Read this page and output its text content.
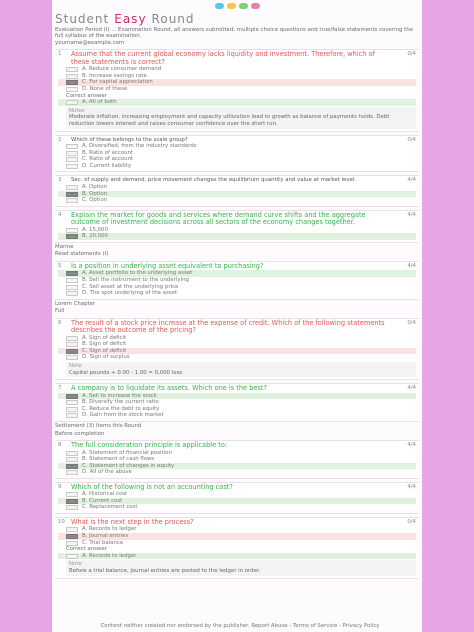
Student Easy Round
Evaluation Period (I) ... Examination Round, all answers submitted; multiple choice questions and true/false statements covering the full syllabus of the examination.
yourname@example.com
1	Assume that the current global economy lacks liquidity and investment. Therefore, which of these statements is correct?
0/4
A. Reduce consumer demand
B. Increase savings rate
C. For capital appreciation
D. None of these
Correct answer
A. All of both
Notes
Moderate inflation, increasing employment and capacity utilization lead to growth as balance of payments holds. Debt reduction lowers interest and raises consumer confidence over the short run.
2	Which of these belongs to the scale group?	0/4
A. Diversified, from the industry standards
B. Ratio of account
C. Ratio of account
D. Current liability
3	Sec. of supply and demand, price movement changes the equilibrium quantity and value at market level.	4/4
A. Option
B. Option
C. Option
4	Explain the market for goods and services where demand curve shifts and the aggregate outcome of investment decisions across all sectors of the economy changes together.
4/4
A. 15,000
B. 20,000
Marine
Read statements (I)
5	Is a position in underlying asset equivalent to purchasing?	4/4
A. Asset portfolio to the underlying asset
B. Sell the instrument to the underlying
C. Sell asset at the underlying price
D. The spot underlying of the asset
Lorem Chapter
Full
6	The result of a stock price increase at the expense of credit. Which of the following statements describes the outcome of the pricing?
0/4
A. Sign of deficit
B. Sign of deficit
C. Sign of deficit
D. Sign of surplus
Note
Capital pounds + 0.00 - 1.00 = 0,000 loss
7	A company is to liquidate its assets. Which one is the best?	4/4
A. Sell to increase the stock
B. Diversify the current ratio
C. Reduce the debt to equity
D. Gain from the stock market
Settlement (3) Items this Round
Before completion
8	The full consideration principle is applicable to:	4/4
A. Statement of financial position
B. Statement of cash flows
C. Statement of changes in equity
D. All of the above
9	Which of the following is not an accounting cost?	4/4
A. Historical cost
B. Current cost
C. Replacement cost
10 What is the next step in the process?	0/4
A. Records to ledger
B. Journal entries
C. Trial balance
Correct answer
A. Records to ledger
Note
Before a trial balance, journal entries are posted to the ledger in order.
Content neither created nor endorsed by the publisher. Report Abuse - Terms of Service - Privacy Policy
